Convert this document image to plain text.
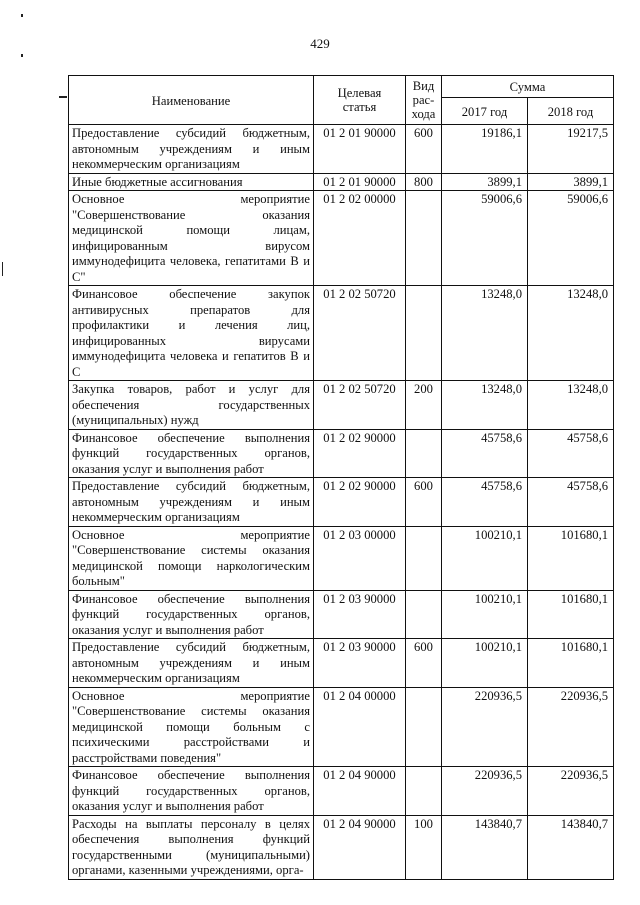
429
Наименование	Целевая статья	Вид рас-хода	Сумма	
			2017 год	2018 год
Предоставление субсидий бюджетным, автономным учреждениям и иным некоммерческим организациям	01 2 01 90000	600	19186,1	19217,5
Иные бюджетные ассигнования	01 2 01 90000	800	3899,1	3899,1
Основное мероприятие "Совершенствование оказания медицинской помощи лицам, инфицированным вирусом иммунодефицита человека, гепатитами В и С"	01 2 02 00000		59006,6	59006,6
Финансовое обеспечение закупок антивирусных препаратов для профилактики и лечения лиц, инфицированных вирусами иммунодефицита человека и гепатитов В и С	01 2 02 50720		13248,0	13248,0
Закупка товаров, работ и услуг для обеспечения государственных (муниципальных) нужд	01 2 02 50720	200	13248,0	13248,0
Финансовое обеспечение выполнения функций государственных органов, оказания услуг и выполнения работ	01 2 02 90000		45758,6	45758,6
Предоставление субсидий бюджетным, автономным учреждениям и иным некоммерческим организациям	01 2 02 90000	600	45758,6	45758,6
Основное мероприятие "Совершенствование системы оказания медицинской помощи наркологическим больным"	01 2 03 00000		100210,1	101680,1
Финансовое обеспечение выполнения функций государственных органов, оказания услуг и выполнения работ	01 2 03 90000		100210,1	101680,1
Предоставление субсидий бюджетным, автономным учреждениям и иным некоммерческим организациям	01 2 03 90000	600	100210,1	101680,1
Основное мероприятие "Совершенствование системы оказания медицинской помощи больным с психическими расстройствами и расстройствами поведения"	01 2 04 00000		220936,5	220936,5
Финансовое обеспечение выполнения функций государственных органов, оказания услуг и выполнения работ	01 2 04 90000		220936,5	220936,5
Расходы на выплаты персоналу в целях обеспечения выполнения функций государственными (муниципальными) органами, казенными учреждениями, орга-	01 2 04 90000	100	143840,7	143840,7
